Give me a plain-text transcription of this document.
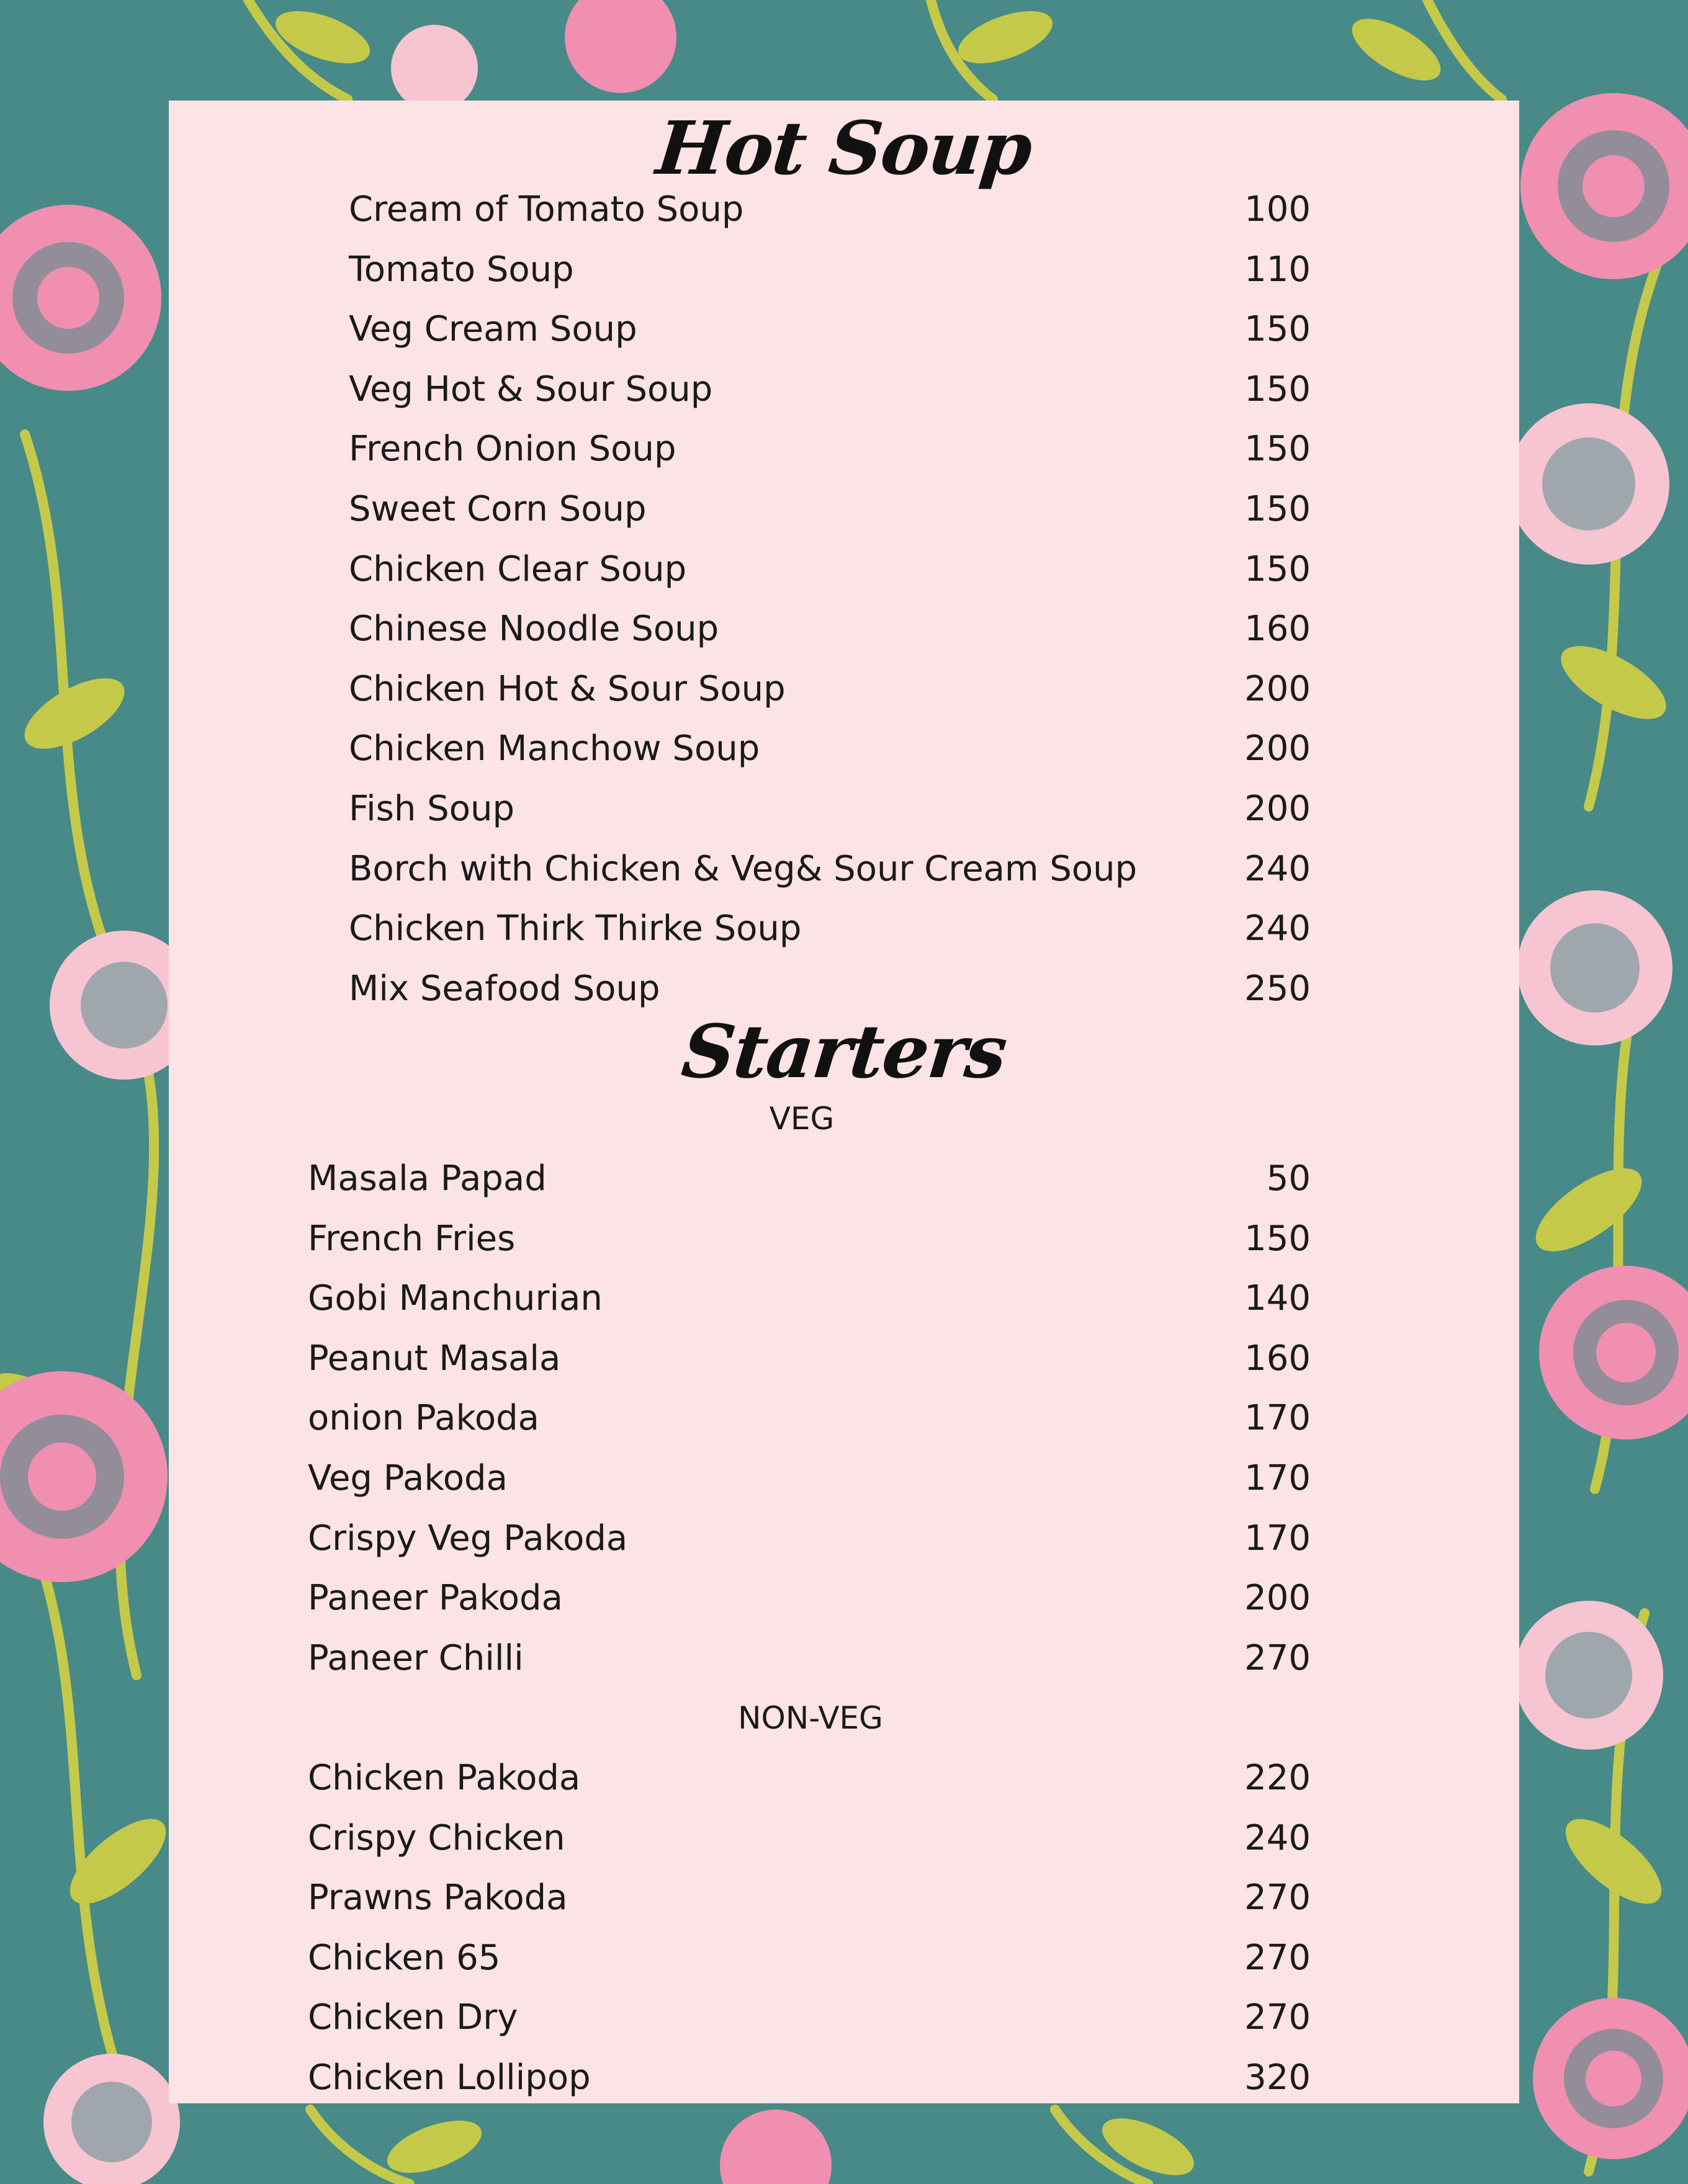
Hot Soup
Cream of Tomato Soup	100
Tomato Soup	110
Veg Cream Soup	150
Veg Hot & Sour Soup	150
French Onion Soup	150
Sweet Corn Soup	150
Chicken Clear Soup	150
Chinese Noodle Soup	160
Chicken Hot & Sour Soup	200
Chicken Manchow Soup	200
Fish Soup	200
Borch with Chicken & Veg& Sour Cream Soup	240
Chicken Thirk Thirke Soup	240
Mix Seafood Soup	250
Starters
VEG
Masala Papad	50
French Fries	150
Gobi Manchurian	140
Peanut Masala	160
onion Pakoda	170
Veg Pakoda	170
Crispy Veg Pakoda	170
Paneer Pakoda	200
Paneer Chilli	270
NON-VEG
Chicken Pakoda	220
Crispy Chicken	240
Prawns Pakoda	270
Chicken 65	270
Chicken Dry	270
Chicken Lollipop	320
